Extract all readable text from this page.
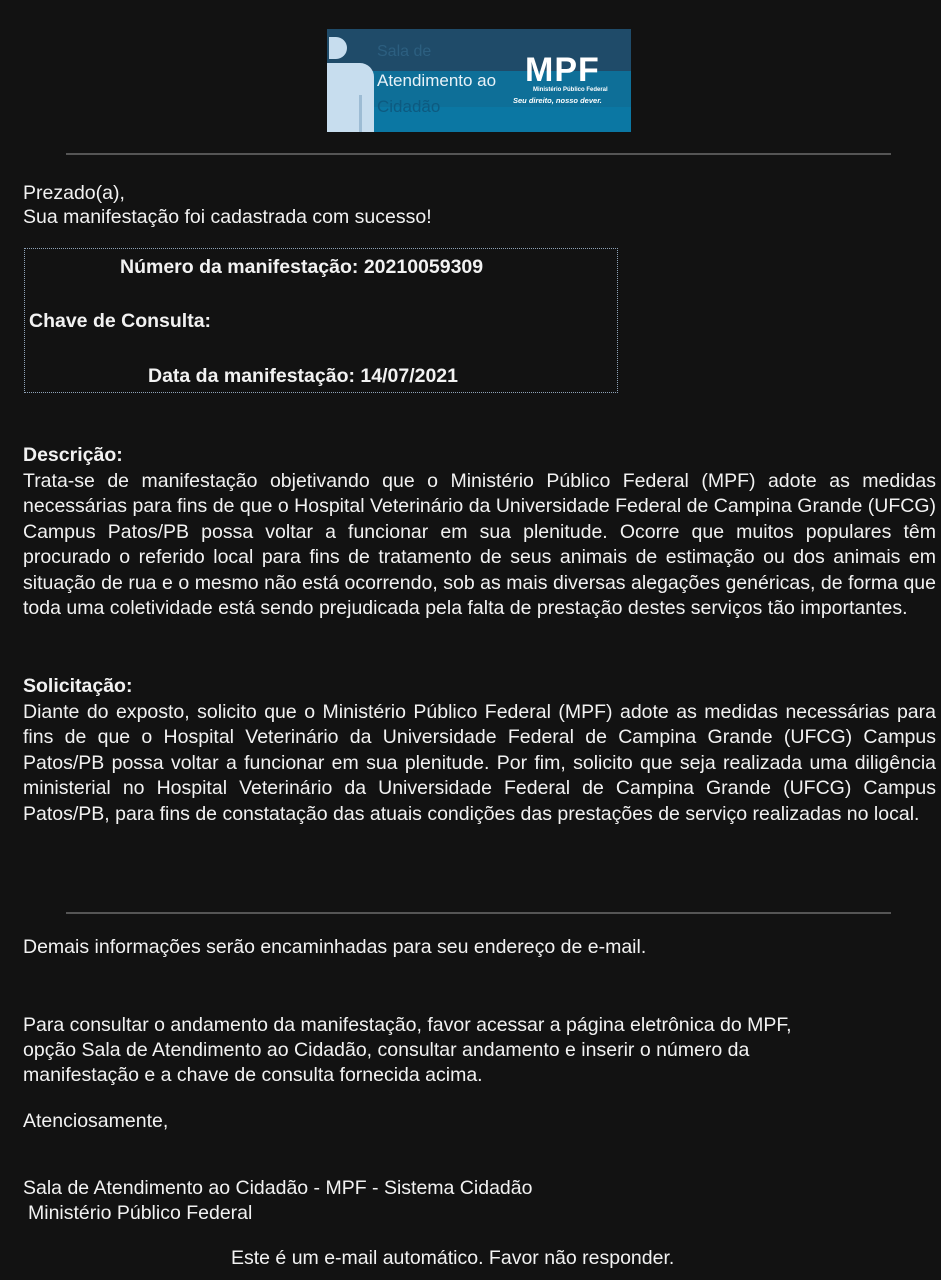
Sala de
Atendimento ao
Cidadão
MPF
Ministério Público Federal
Seu direito, nosso dever.
Prezado(a),
Sua manifestação foi cadastrada com sucesso!
Número da manifestação: 20210059309
Chave de Consulta:
Data da manifestação: 14/07/2021
Descrição:
Trata-se de manifestação objetivando que o Ministério Público Federal (MPF) adote as medidas necessárias para fins de que o Hospital Veterinário da Universidade Federal de Campina Grande (UFCG) Campus Patos/PB possa voltar a funcionar em sua plenitude. Ocorre que muitos populares têm procurado o referido local para fins de tratamento de seus animais de estimação ou dos animais em situação de rua e o mesmo não está ocorrendo, sob as mais diversas alegações genéricas, de forma que toda uma coletividade está sendo prejudicada pela falta de prestação destes serviços tão importantes.
Solicitação:
Diante do exposto, solicito que o Ministério Público Federal (MPF) adote as medidas necessárias para fins de que o Hospital Veterinário da Universidade Federal de Campina Grande (UFCG) Campus Patos/PB possa voltar a funcionar em sua plenitude. Por fim, solicito que seja realizada uma diligência ministerial no Hospital Veterinário da Universidade Federal de Campina Grande (UFCG) Campus Patos/PB, para fins de constatação das atuais condições das prestações de serviço realizadas no local.
Demais informações serão encaminhadas para seu endereço de e-mail.
Para consultar o andamento da manifestação, favor acessar a página eletrônica do MPF,
opção Sala de Atendimento ao Cidadão, consultar andamento e inserir o número da
manifestação e a chave de consulta fornecida acima.
Atenciosamente,
Sala de Atendimento ao Cidadão - MPF - Sistema Cidadão
Ministério Público Federal
Este é um e-mail automático. Favor não responder.
